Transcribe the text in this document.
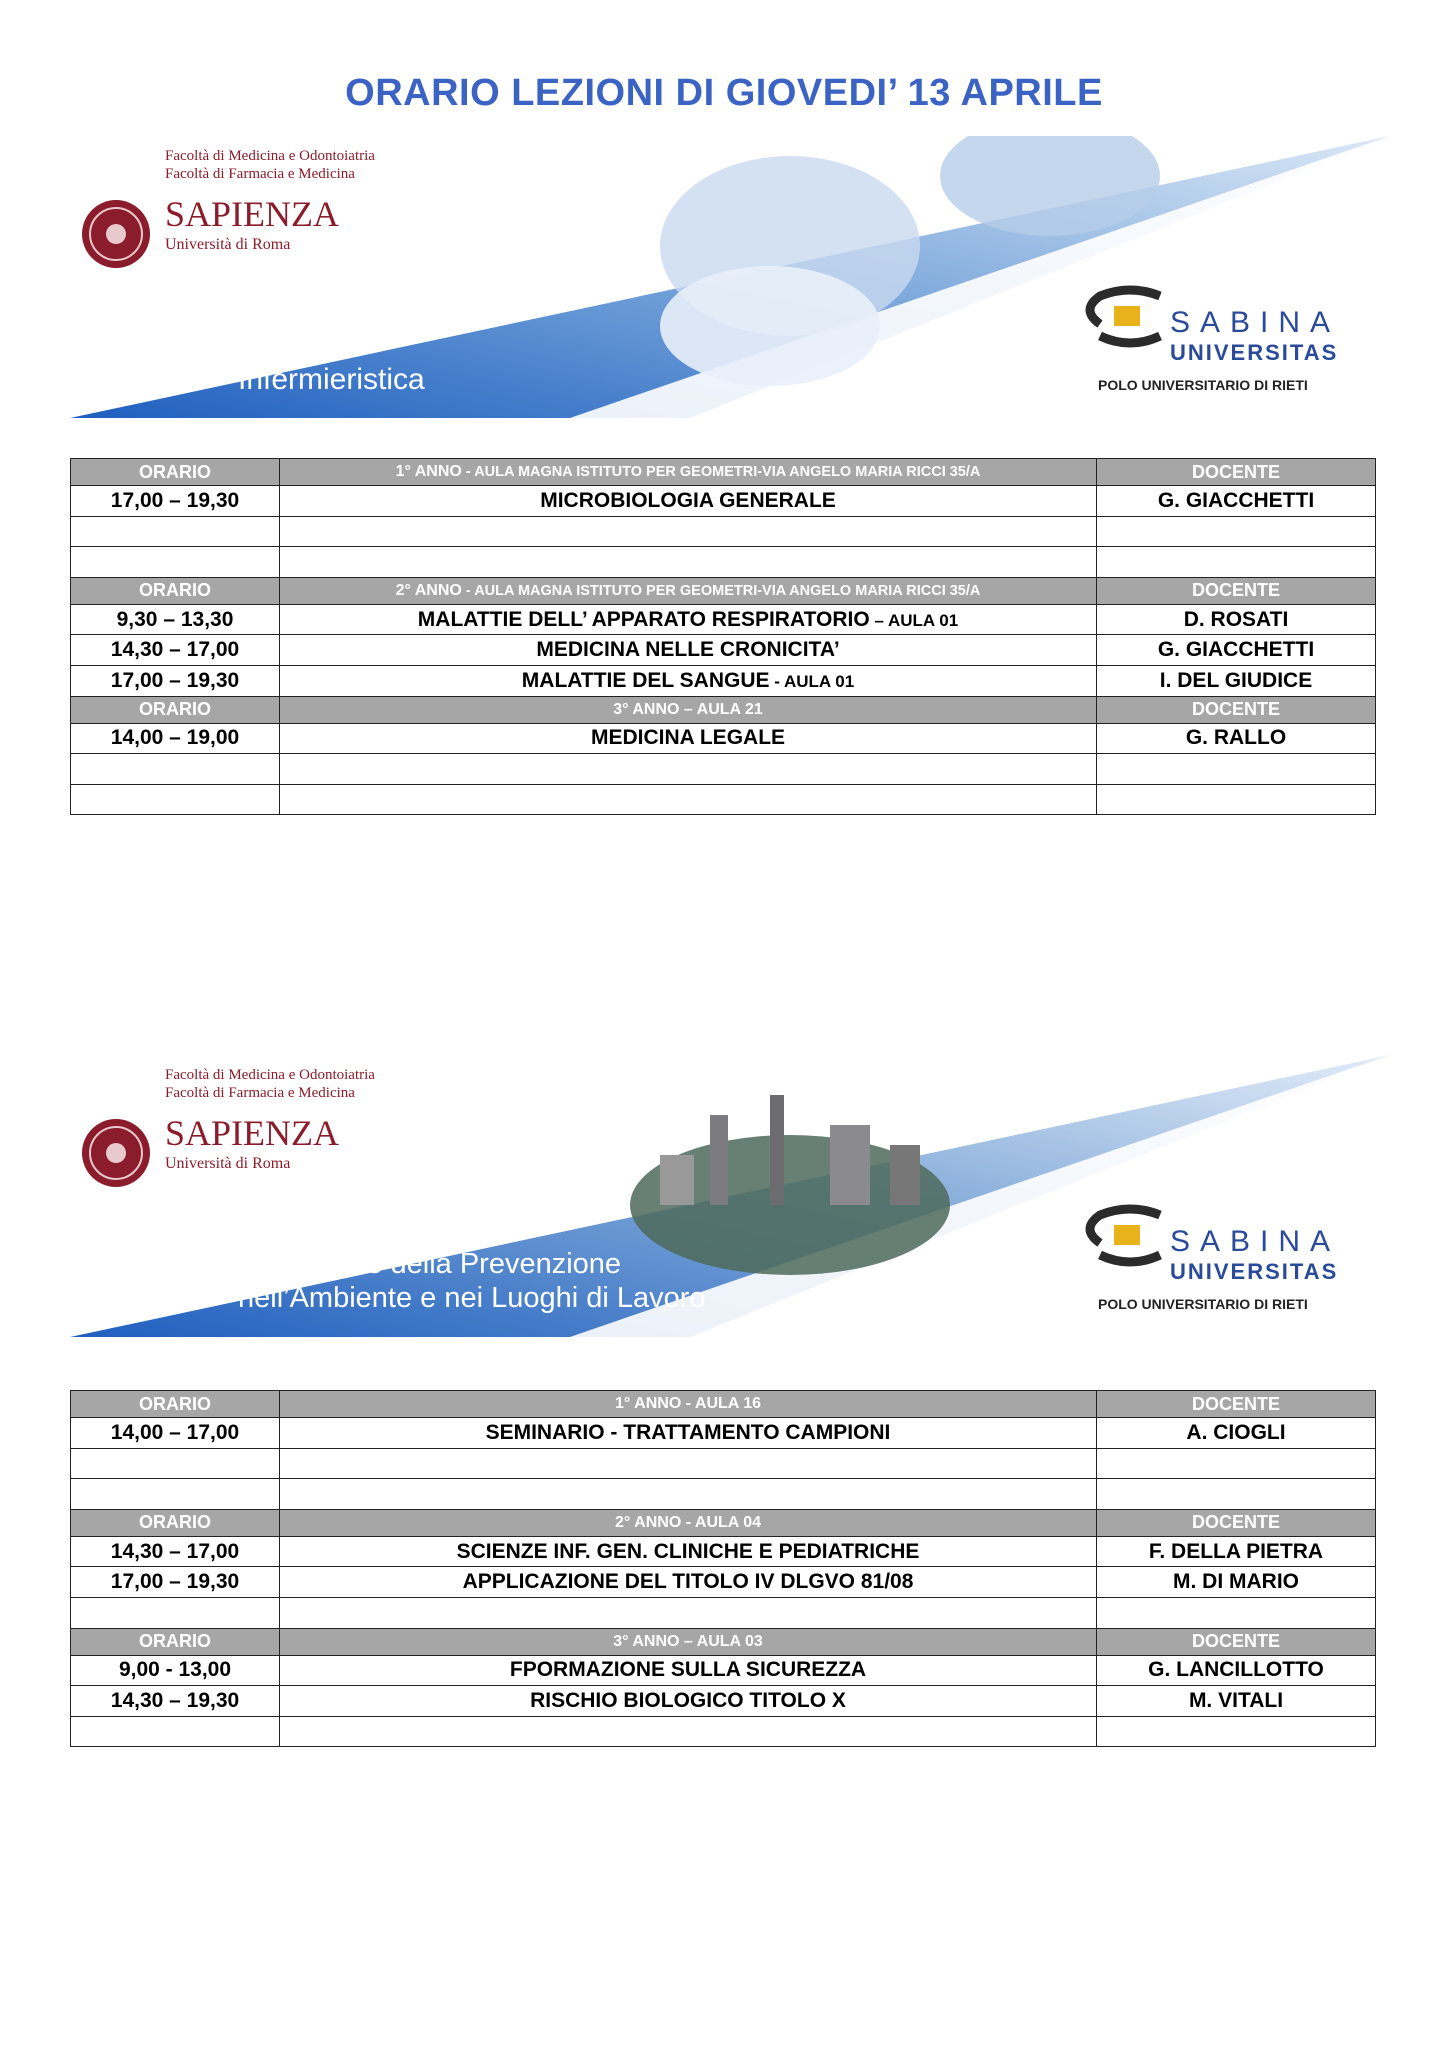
ORARIO LEZIONI DI GIOVEDI’ 13 APRILE
Facoltà di Medicina e Odontoiatria
Facoltà di Farmacia e Medicina
SAPIENZA
Università di Roma
Infermieristica
SABINA
UNIVERSITAS
POLO UNIVERSITARIO DI RIETI
ORARIO	1° ANNO - AULA MAGNA ISTITUTO PER GEOMETRI-VIA ANGELO MARIA RICCI 35/A	DOCENTE
17,00 – 19,30	MICROBIOLOGIA GENERALE	G. GIACCHETTI

ORARIO	2° ANNO - AULA MAGNA ISTITUTO PER GEOMETRI-VIA ANGELO MARIA RICCI 35/A	DOCENTE
9,30 – 13,30	MALATTIE DELL’ APPARATO RESPIRATORIO – AULA 01	D. ROSATI
14,30 – 17,00	MEDICINA NELLE CRONICITA’	G. GIACCHETTI
17,00 – 19,30	MALATTIE DEL SANGUE - AULA 01	I. DEL GIUDICE
ORARIO	3° ANNO – AULA 21	DOCENTE
14,00 – 19,00	MEDICINA LEGALE	G. RALLO

Facoltà di Medicina e Odontoiatria
Facoltà di Farmacia e Medicina
SAPIENZA
Università di Roma
Tecniche della Prevenzione
nell’Ambiente e nei Luoghi di Lavoro
SABINA
UNIVERSITAS
POLO UNIVERSITARIO DI RIETI
ORARIO	1° ANNO - AULA 16	DOCENTE
14,00 – 17,00	SEMINARIO - TRATTAMENTO CAMPIONI	A. CIOGLI

ORARIO	2° ANNO - AULA 04	DOCENTE
14,30 – 17,00	SCIENZE INF. GEN. CLINICHE E PEDIATRICHE	F. DELLA PIETRA
17,00 – 19,30	APPLICAZIONE DEL TITOLO IV DLGVO 81/08	M. DI MARIO

ORARIO	3° ANNO – AULA 03	DOCENTE
9,00 - 13,00	FPORMAZIONE SULLA SICUREZZA	G. LANCILLOTTO
14,30 – 19,30	RISCHIO BIOLOGICO TITOLO X	M. VITALI
